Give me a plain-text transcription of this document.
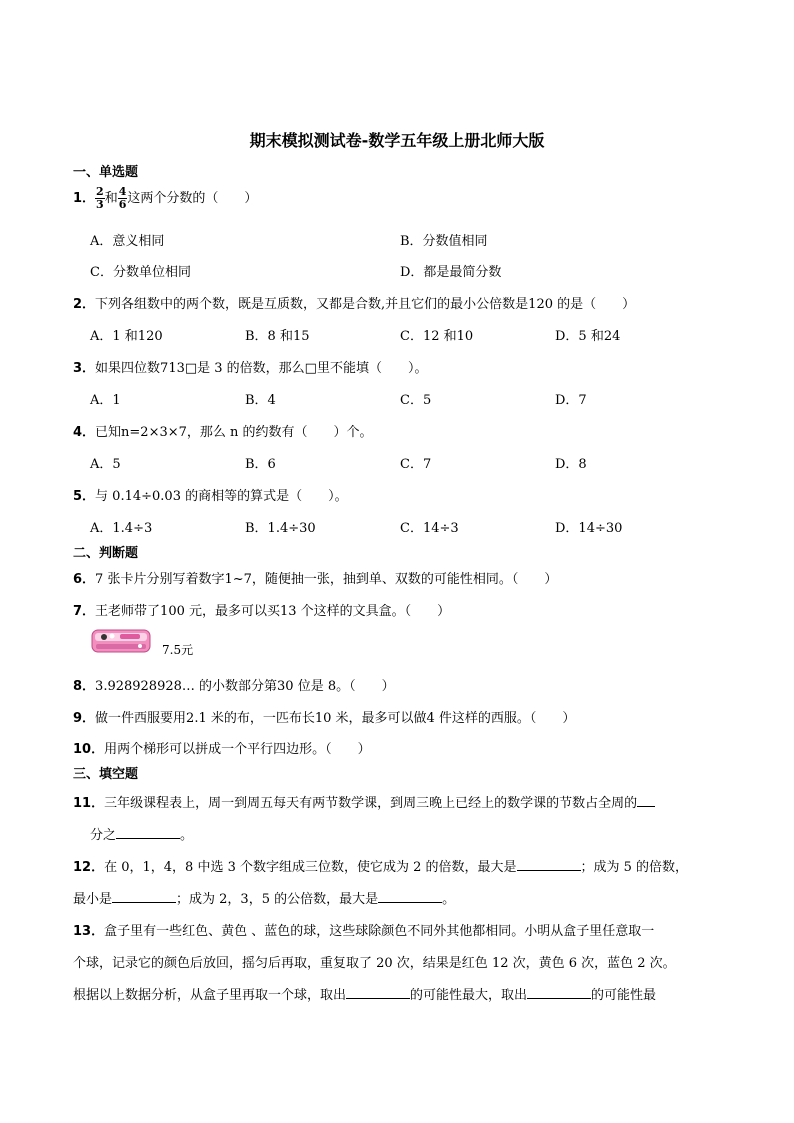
期末模拟测试卷-数学五年级上册北师大版
一、单选题
1． $\frac{2}{3}$ 和 $\frac{4}{6}$ 这两个分数的（　　）
A．意义相同	B．分数值相同
C．分数单位相同	D．都是最简分数
2．下列各组数中的两个数，既是互质数，又都是合数,并且它们的最小公倍数是120 的是（　　）
A．1 和120	B．8 和15	C．12 和10	D．5 和24
3．如果四位数713□是 3 的倍数，那么□里不能填（　　）。
A．1	B．4	C．5	D．7
4．已知n=2×3×7，那么 n 的约数有（　　）个。
A．5	B．6	C．7	D．8
5．与 0.14÷0.03 的商相等的算式是（　　）。
A．1.4÷3	B．1.4÷30	C．14÷3	D．14÷30
二、判断题
6．7 张卡片分别写着数字1~7，随便抽一张，抽到单、双数的可能性相同。（　　）
7．王老师带了100 元，最多可以买13 个这样的文具盒。（　　）
7.5元
8．3.928928928… 的小数部分第30 位是 8。（　　）
9．做一件西服要用2.1 米的布，一匹布长10 米，最多可以做4 件这样的西服。（　　）
10．用两个梯形可以拼成一个平行四边形。（　　）
三、填空题
11．三年级课程表上，周一到周五每天有两节数学课，到周三晚上已经上的数学课的节数占全周的
分之	。
12．在 0，1，4，8 中选 3 个数字组成三位数，使它成为 2 的倍数，最大是	；成为 5 的倍数，
最小是	；成为 2，3，5 的公倍数，最大是	。
13．盒子里有一些红色、黄色 、蓝色的球，这些球除颜色不同外其他都相同。小明从盒子里任意取一
个球，记录它的颜色后放回，摇匀后再取，重复取了 20 次，结果是红色 12 次，黄色 6 次，蓝色 2 次。
根据以上数据分析，从盒子里再取一个球，取出	的可能性最大，取出	的可能性最
